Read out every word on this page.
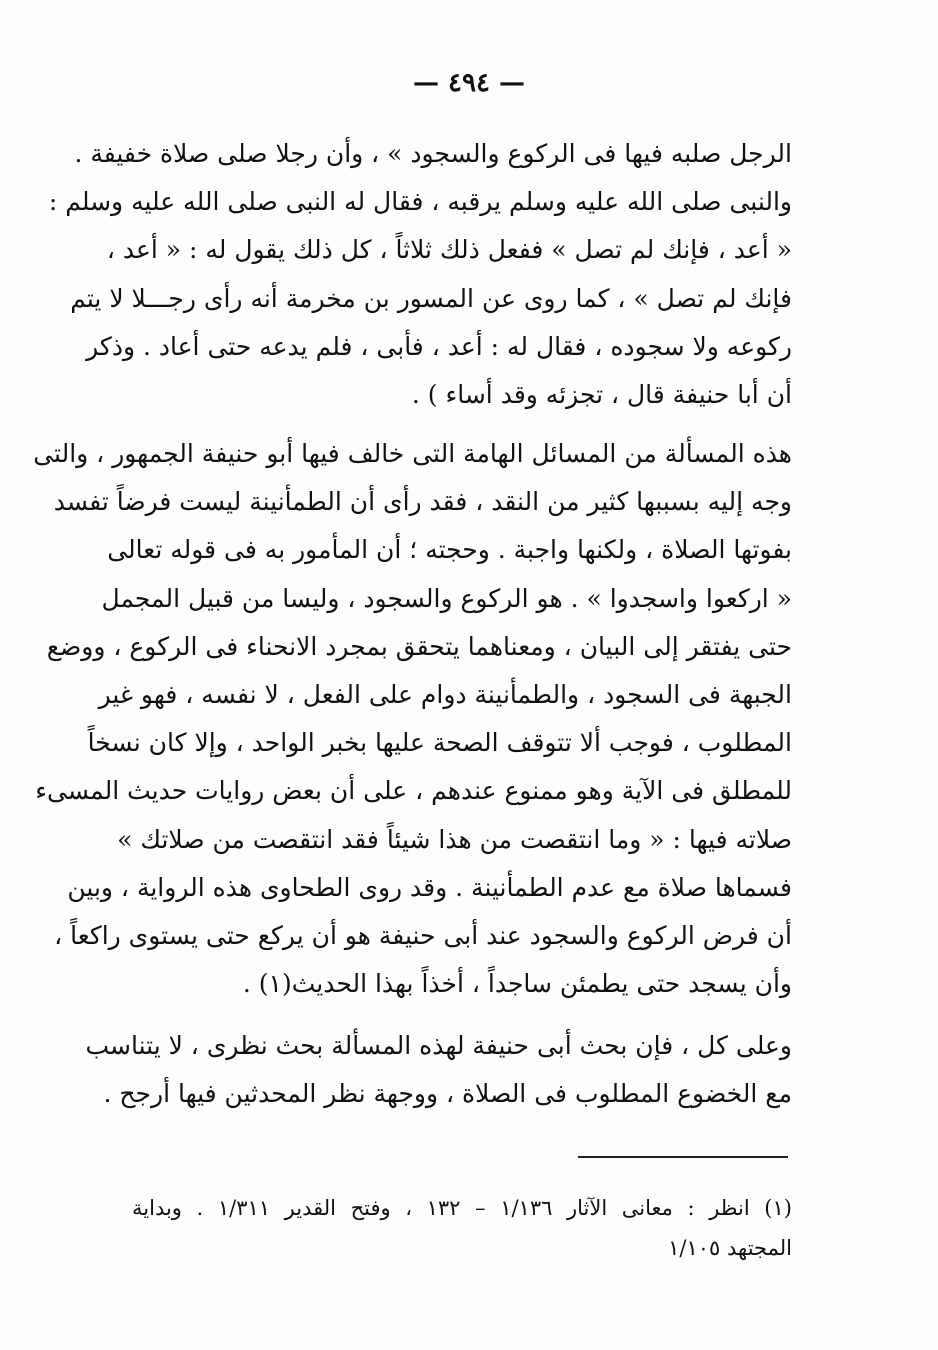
— ٤٩٤ —
الرجل صلبه فيها فى الركوع والسجود » ، وأن رجلا صلى صلاة خفيفة .
والنبى صلى الله عليه وسلم يرقبه ، فقال له النبى صلى الله عليه وسلم :
« أعد ، فإنك لم تصل » ففعل ذلك ثلاثاً ، كل ذلك يقول له : « أعد ،
فإنك لم تصل » ، كما روى عن المسور بن مخرمة أنه رأى رجـــلا لا يتم
ركوعه ولا سجوده ، فقال له : أعد ، فأبى ، فلم يدعه حتى أعاد . وذكر
أن أبا حنيفة قال ، تجزئه وقد أساء ) .
هذه المسألة من المسائل الهامة التى خالف فيها أبو حنيفة الجمهور ، والتى
وجه إليه بسببها كثير من النقد ، فقد رأى أن الطمأنينة ليست فرضاً تفسد
بفوتها الصلاة ، ولكنها واجبة . وحجته ؛ أن المأمور به فى قوله تعالى
« اركعوا واسجدوا » . هو الركوع والسجود ، وليسا من قبيل المجمل
حتى يفتقر إلى البيان ، ومعناهما يتحقق بمجرد الانحناء فى الركوع ، ووضع
الجبهة فى السجود ، والطمأنينة دوام على الفعل ، لا نفسه ، فهو غير
المطلوب ، فوجب ألا تتوقف الصحة عليها بخبر الواحد ، وإلا كان نسخاً
للمطلق فى الآية وهو ممنوع عندهم ، على أن بعض روايات حديث المسىء
صلاته فيها : « وما انتقصت من هذا شيئاً فقد انتقصت من صلاتك »
فسماها صلاة مع عدم الطمأنينة . وقد روى الطحاوى هذه الرواية ، وبين
أن فرض الركوع والسجود عند أبى حنيفة هو أن يركع حتى يستوى راكعاً ،
وأن يسجد حتى يطمئن ساجداً ، أخذاً بهذا الحديث(١) .
وعلى كل ، فإن بحث أبى حنيفة لهذه المسألة بحث نظرى ، لا يتناسب
مع الخضوع المطلوب فى الصلاة ، ووجهة نظر المحدثين فيها أرجح .
(١) انظر : معانى الآثار ١/١٣٦ – ١٣٢ ، وفتح القدير ١/٣١١ . وبداية
المجتهد ١/١٠٥
